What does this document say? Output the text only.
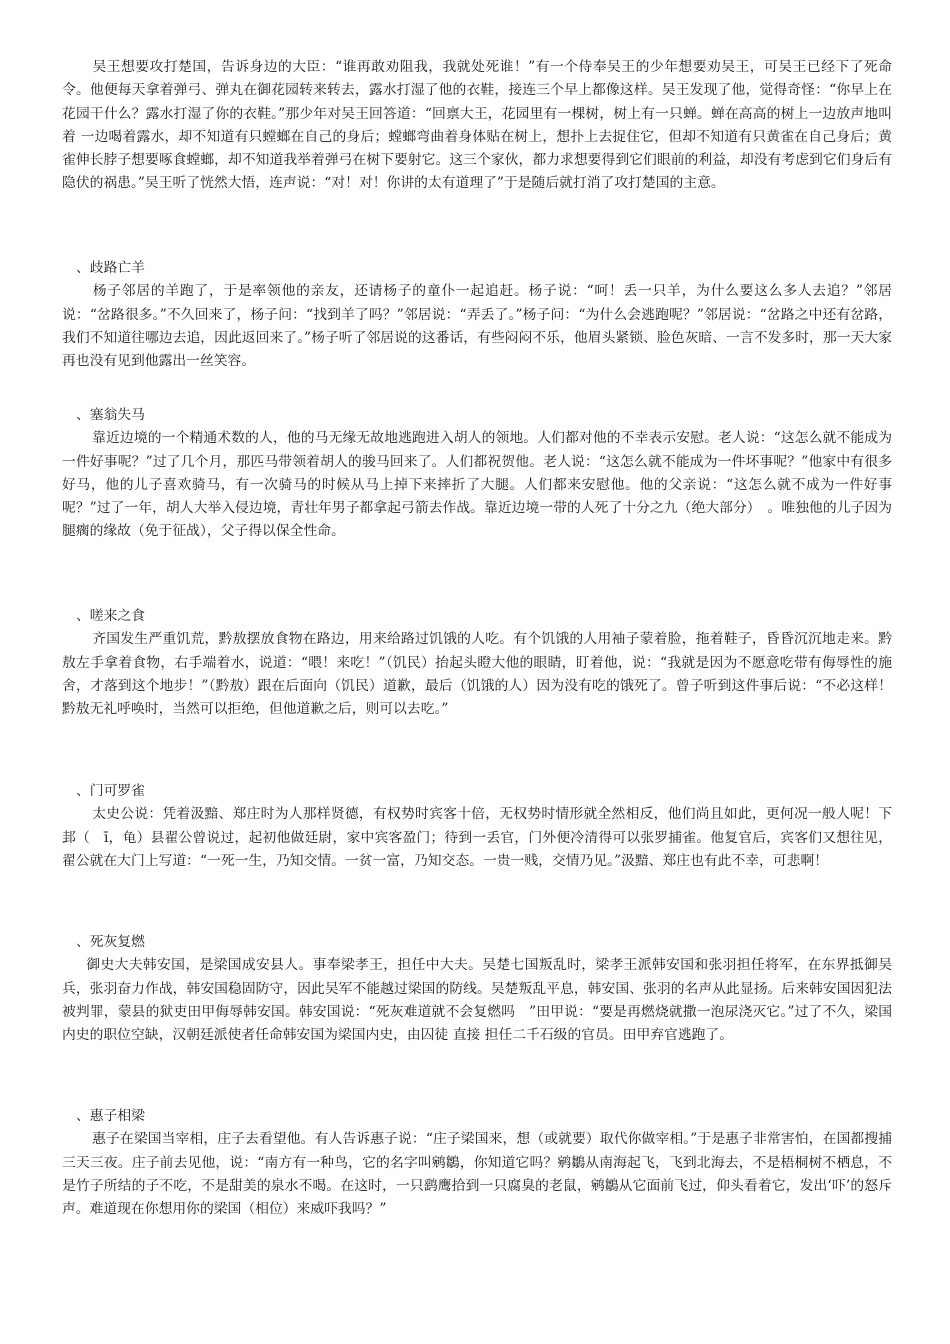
吴王想要攻打楚国，告诉身边的大臣：“谁再敢劝阻我，我就处死谁！”有一个侍奉吴王的少年想要劝吴王，可吴王已经下了死命令。他便每天拿着弹弓、弹丸在御花园转来转去，露水打湿了他的衣鞋，接连三个早上都像这样。吴王发现了他，觉得奇怪：“你早上在花园干什么？露水打湿了你的衣鞋。”那少年对吴王回答道：“回禀大王，花园里有一棵树，树上有一只蝉。蝉在高高的树上一边放声地叫着 一边喝着露水，却不知道有只螳螂在自己的身后；螳螂弯曲着身体贴在树上，想扑上去捉住它，但却不知道有只黄雀在自己身后；黄雀伸长脖子想要啄食螳螂，却不知道我举着弹弓在树下要射它。这三个家伙，都力求想要得到它们眼前的利益，却没有考虑到它们身后有隐伏的祸患。”吴王听了恍然大悟，连声说：“对！对！你讲的太有道理了”于是随后就打消了攻打楚国的主意。

、歧路亡羊

杨子邻居的羊跑了，于是率领他的亲友，还请杨子的童仆一起追赶。杨子说：“呵！丢一只羊，为什么要这么多人去追？”邻居说：“岔路很多。”不久回来了，杨子问：“找到羊了吗？”邻居说：“弄丢了。”杨子问：“为什么会逃跑呢？”邻居说：“岔路之中还有岔路，我们不知道往哪边去追，因此返回来了。”杨子听了邻居说的这番话，有些闷闷不乐，他眉头紧锁、脸色灰暗、一言不发多时，那一天大家再也没有见到他露出一丝笑容。

、塞翁失马

靠近边境的一个精通术数的人，他的马无缘无故地逃跑进入胡人的领地。人们都对他的不幸表示安慰。老人说：“这怎么就不能成为一件好事呢？”过了几个月，那匹马带领着胡人的骏马回来了。人们都祝贺他。老人说：“这怎么就不能成为一件坏事呢？”他家中有很多好马，他的儿子喜欢骑马，有一次骑马的时候从马上掉下来摔折了大腿。人们都来安慰他。他的父亲说：“这怎么就不成为一件好事呢？”过了一年，胡人大举入侵边境，青壮年男子都拿起弓箭去作战。靠近边境一带的人死了十分之九（绝大部分）　。唯独他的儿子因为腿瘸的缘故（免于征战），父子得以保全性命。

、嗟来之食

齐国发生严重饥荒，黔敖摆放食物在路边，用来给路过饥饿的人吃。有个饥饿的人用袖子蒙着脸，拖着鞋子，昏昏沉沉地走来。黔敖左手拿着食物，右手端着水，说道：“喂！来吃！”（饥民）抬起头瞪大他的眼睛，盯着他，说：“我就是因为不愿意吃带有侮辱性的施舍，才落到这个地步！”（黔敖）跟在后面向（饥民）道歉，最后（饥饿的人）因为没有吃的饿死了。曾子听到这件事后说：“不必这样！黔敖无礼呼唤时，当然可以拒绝，但他道歉之后，则可以去吃。”

、门可罗雀

太史公说：凭着汲黯、郑庄时为人那样贤德，有权势时宾客十倍，无权势时情形就全然相反，他们尚且如此，更何况一般人呢！下邽（　ī，龟）县翟公曾说过，起初他做廷尉，家中宾客盈门；待到一丢官，门外便冷清得可以张罗捕雀。他复官后，宾客们又想往见，翟公就在大门上写道：“一死一生，乃知交情。一贫一富，乃知交态。一贵一贱，交情乃见。”汲黯、郑庄也有此不幸，可悲啊！

、死灰复燃

御史大夫韩安国，是梁国成安县人。事奉梁孝王，担任中大夫。吴楚七国叛乱时，梁孝王派韩安国和张羽担任将军，在东界抵御吴兵，张羽奋力作战，韩安国稳固防守，因此吴军不能越过梁国的防线。吴楚叛乱平息，韩安国、张羽的名声从此显扬。后来韩安国因犯法被判罪，蒙县的狱吏田甲侮辱韩安国。韩安国说：“死灰难道就不会复燃吗　”田甲说：“要是再燃烧就撒一泡尿浇灭它。”过了不久，梁国内史的职位空缺，汉朝廷派使者任命韩安国为梁国内史，由囚徒 直接 担任二千石级的官员。田甲弃官逃跑了。

、惠子相梁

惠子在梁国当宰相，庄子去看望他。有人告诉惠子说：“庄子梁国来，想（或就要）取代你做宰相。”于是惠子非常害怕，在国都搜捕三天三夜。庄子前去见他，说：“南方有一种鸟，它的名字叫鹓鶵，你知道它吗？鹓鶵从南海起飞，飞到北海去，不是梧桐树不栖息，不是竹子所结的子不吃，不是甜美的泉水不喝。在这时，一只鹞鹰拾到一只腐臭的老鼠，鹓鶵从它面前飞过，仰头看着它，发出‘吓’的怒斥声。难道现在你想用你的梁国（相位）来威吓我吗？”
